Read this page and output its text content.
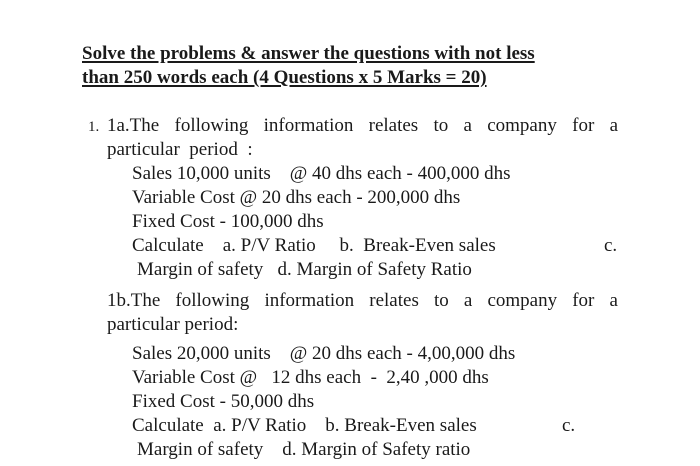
Solve the problems & answer the questions with not less
than 250 words each (4 Questions x 5 Marks = 20)
1. 1a.The following information relates to a company for a
particular  period  :
Sales 10,000 units    @ 40 dhs each - 400,000 dhs
Variable Cost @ 20 dhs each - 200,000 dhs
Fixed Cost - 100,000 dhs
Calculate    a. P/V Ratio     b.  Break-Even sales	c.
Margin of safety   d. Margin of Safety Ratio
1b.The following information relates to a company for a
particular period:
Sales 20,000 units    @ 20 dhs each - 4,00,000 dhs
Variable Cost @   12 dhs each  -  2,40 ,000 dhs
Fixed Cost - 50,000 dhs
Calculate  a. P/V Ratio    b. Break-Even sales	c.
Margin of safety    d. Margin of Safety ratio
